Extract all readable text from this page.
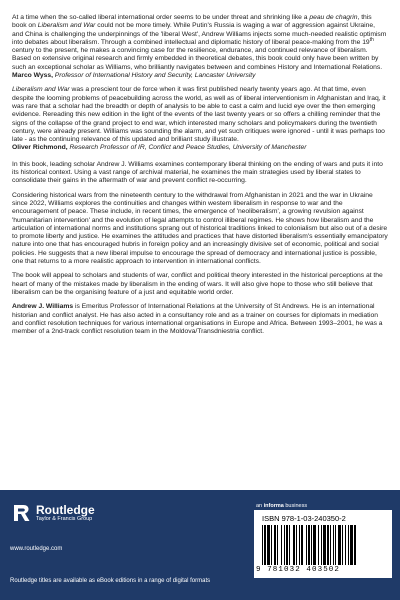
At a time when the so-called liberal international order seems to be under threat and shrinking like a peau de chagrin, this book on Liberalism and War could not be more timely. While Putin's Russia is waging a war of aggression against Ukraine, and China is challenging the underpinnings of the 'liberal West', Andrew Williams injects some much-needed realistic optimism into debates about liberalism. Through a combined intellectual and diplomatic history of liberal peace-making from the 19th century to the present, he makes a convincing case for the resilience, endurance, and continued relevance of liberalism. Based on extensive original research and firmly embedded in theoretical debates, this book could only have been written by such an exceptional scholar as Williams, who brilliantly navigates between and combines History and International Relations.

Marco Wyss, Professor of International History and Security, Lancaster University

Liberalism and War was a prescient tour de force when it was first published nearly twenty years ago. At that time, even despite the looming problems of peacebuilding across the world, as well as of liberal interventionism in Afghanistan and Iraq, it was rare that a scholar had the breadth or depth of analysis to be able to cast a calm and lucid eye over the then emerging evidence. Rereading this new edition in the light of the events of the last twenty years or so offers a chilling reminder that the signs of the collapse of the grand project to end war, which interested many scholars and policymakers during the twentieth century, were already present. Williams was sounding the alarm, and yet such critiques were ignored - until it was perhaps too late - as the continuing relevance of this updated and brilliant study illustrate.

Oliver Richmond, Research Professor of IR, Conflict and Peace Studies, University of Manchester

In this book, leading scholar Andrew J. Williams examines contemporary liberal thinking on the ending of wars and puts it into its historical context. Using a vast range of archival material, he examines the main strategies used by liberal states to consolidate their gains in the aftermath of war and prevent conflict re-occurring.

Considering historical wars from the nineteenth century to the withdrawal from Afghanistan in 2021 and the war in Ukraine since 2022, Williams explores the continuities and changes within western liberalism in response to war and the encouragement of peace. These include, in recent times, the emergence of 'neoliberalism', a growing revulsion against 'humanitarian intervention' and the evolution of legal attempts to control illiberal regimes. He shows how liberalism and the articulation of international norms and institutions sprang out of historical traditions linked to colonialism but also out of a desire to promote liberty and justice. He examines the attitudes and practices that have distorted liberalism's essentially emancipatory nature into one that has encouraged hubris in foreign policy and an increasingly divisive set of economic, political and social policies. He suggests that a new liberal impulse to encourage the spread of democracy and international justice is possible, one that returns to a more realistic approach to intervention in international conflicts.

The book will appeal to scholars and students of war, conflict and political theory interested in the historical perceptions at the heart of many of the mistakes made by liberalism in the ending of wars. It will also give hope to those who still believe that liberalism can be the organising feature of a just and equitable world order.

Andrew J. Williams is Emeritus Professor of International Relations at the University of St Andrews. He is an international historian and conflict analyst. He has also acted in a consultancy role and as a trainer on courses for diplomats in mediation and conflict resolution techniques for various international organisations in Europe and Africa. Between 1993–2001, he was a member of a 2nd-track conflict resolution team in the Moldova/Transdniestria conflict.

Routledge
Taylor & Francis Group
www.routledge.com
Routledge titles are available as eBook editions in a range of digital formats
an informa business
ISBN 978-1-03-240350-2
9 781032 403502
